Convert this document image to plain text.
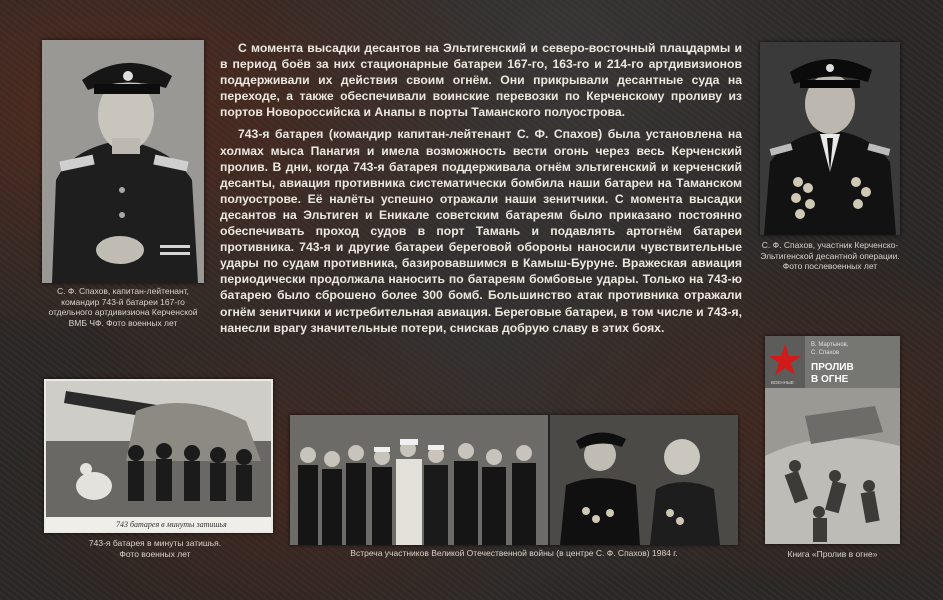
С. Ф. Спахов, капитан-лейтенант, командир 743-й батареи 167-го отдельного артдивизиона Керченской ВМБ ЧФ. Фото военных лет

С момента высадки десантов на Эльтигенский и северо-восточный плацдармы и в период боёв за них стационарные батареи 167-го, 163-го и 214-го артдивизионов поддерживали их действия своим огнём. Они прикрывали десантные суда на переходе, а также обеспечивали воинские перевозки по Керченскому проливу из портов Новороссийска и Анапы в порты Таманского полуострова.

743-я батарея (командир капитан-лейтенант С. Ф. Спахов) была установлена на холмах мыса Панагия и имела возможность вести огонь через весь Керченский пролив. В дни, когда 743-я батарея поддерживала огнём эльтигенский и керченский десанты, авиация противника систематически бомбила наши батареи на Таманском полуострове. Её налёты успешно отражали наши зенитчики. С момента высадки десантов на Эльтиген и Еникале советским батареям было приказано постоянно обеспечивать проход судов в порт Тамань и подавлять артогнём батареи противника. 743-я и другие батареи береговой обороны наносили чувствительные удары по судам противника, базировавшимся в Камыш-Буруне. Вражеская авиация периодически продолжала наносить по батареям бомбовые удары. Только на 743-ю батарею было сброшено более 300 бомб. Большинство атак противника отражали огнём зенитчики и истребительная авиация. Береговые батареи, в том числе и 743-я, нанесли врагу значительные потери, снискав добрую славу в этих боях.

С. Ф. Спахов, участник Керченско-Эльтигенской десантной операции. Фото послевоенных лет
743 батарея в минуты затишья
743-я батарея в минуты затишья. Фото военных лет	Встреча участников Великой Отечественной войны (в центре С. Ф. Спахов) 1984 г.
ВОЕННЫЕ
В. Мартынов,
С. Спахов
ПРОЛИВ
В ОГНЕ
Книга «Пролив в огне»
